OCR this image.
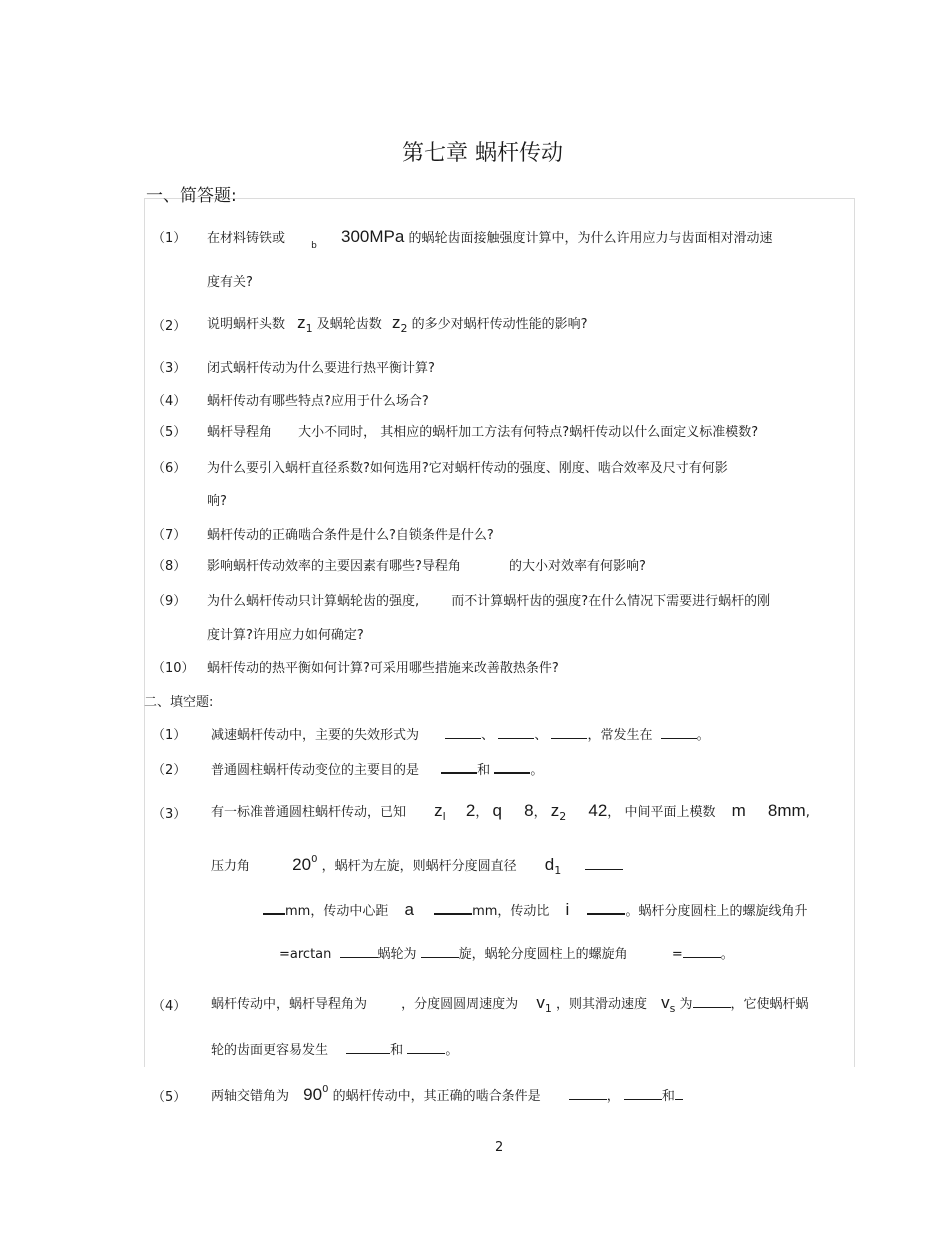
第七章 蜗杆传动
一、简答题:
（1） 在材料铸铁或	$_b$ 300MPa 的蜗轮齿面接触强度计算中，为什么许用应力与齿面相对滑动速
度有关?
（2） 说明蜗杆头数 $z_1$ 及蜗轮齿数 $z_2$ 的多少对蜗杆传动性能的影响?
（3） 闭式蜗杆传动为什么要进行热平衡计算?
（4） 蜗杆传动有哪些特点?应用于什么场合?
（5） 蜗杆导程角 大小不同时， 其相应的蜗杆加工方法有何特点?蜗杆传动以什么面定义标准模数?
（6） 为什么要引入蜗杆直径系数?如何选用?它对蜗杆传动的强度、刚度、啮合效率及尺寸有何影
响?
（7） 蜗杆传动的正确啮合条件是什么?自锁条件是什么?
（8） 影响蜗杆传动效率的主要因素有哪些?导程角	的大小对效率有何影响?
（9） 为什么蜗杆传动只计算蜗轮齿的强度, 而不计算蜗杆齿的强度?在什么情况下需要进行蜗杆的刚
度计算?许用应力如何确定?
（10） 蜗杆传动的热平衡如何计算?可采用哪些措施来改善散热条件?
二、填空题:
（1） 减速蜗杆传动中，主要的失效形式为	、	、	，常发生在	。
（2） 普通圆柱蜗杆传动变位的主要目的是	和	。
（3） 有一标准普通圆柱蜗杆传动，已知 $z_l$ 2， q 8， $z_2$ 42， 中间平面上模数 m 8mm,
压力角 $20^0$ ，蜗杆为左旋，则蜗杆分度圆直径 $d_1$
mm，传动中心距 a	mm，传动比 i	。蜗杆分度圆柱上的螺旋线角升
=arctan	蜗轮为	旋，蜗轮分度圆柱上的螺旋角	=	。
（4） 蜗杆传动中，蜗杆导程角为	，分度圆圆周速度为 $v_1$ ，则其滑动速度 $v_s$ 为	，它使蜗杆蜗
轮的齿面更容易发生	和	。
（5） 两轴交错角为 $90^0$ 的蜗杆传动中，其正确的啮合条件是	，	和
2
